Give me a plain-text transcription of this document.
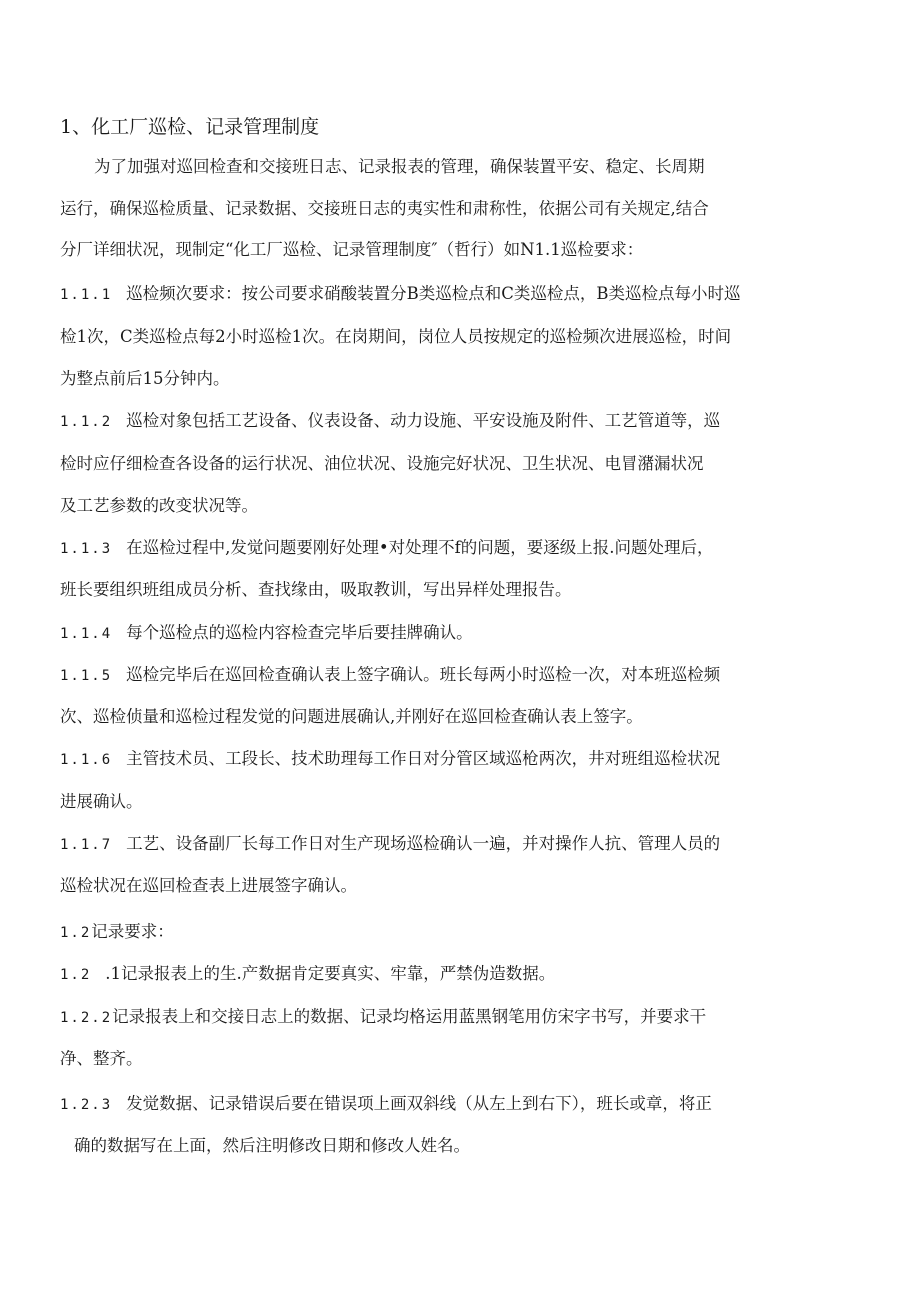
1、化工厂巡检、记录管理制度
为了加强对巡回检查和交接班日志、记录报表的管理，确保装置平安、稳定、长周期
运行，确保巡检质量、记录数据、交接班日志的夷实性和肃称性，依据公司有关规定,结合
分厂详细状况，现制定“化工厂巡检、记录管理制度″（哲行）如N1.1巡检要求：
1.1.1 巡检频次要求：按公司要求硝酸装置分B类巡检点和C类巡检点，B类巡检点每小时巡
检1次，C类巡检点每2小时巡检1次。在岗期间，岗位人员按规定的巡检频次进展巡检，时间
为整点前后15分钟内。
1.1.2 巡检对象包括工艺设备、仪表设备、动力设施、平安设施及附件、工艺管道等，巡
检时应仔细检查各设备的运行状况、油位状况、设施完好状况、卫生状况、电冒潴漏状况
及工艺参数的改变状况等。
1.1.3 在巡检过程中,发觉问题要刚好处理•对处理不f的问题，要逐级上报.问题处理后，
班长要组织班组成员分析、查找缘由，吸取教训，写出异样处理报告。
1.1.4 每个巡检点的巡检内容检查完毕后要挂牌确认。
1.1.5 巡检完毕后在巡回检查确认表上签字确认。班长每两小时巡检一次，对本班巡检频
次、巡检侦量和巡检过程发觉的问题进展确认,并刚好在巡回检查确认表上签字。
1.1.6 主管技术员、工段长、技术助理每工作日对分管区域巡枪两次，井对班组巡检状况
进展确认。
1.1.7 工艺、设备副厂长每工作日对生产现场巡检确认一遍，并对操作人抗、管理人员的
巡检状况在巡回检查表上进展签字确认。
1.2记录要求：
1.2 .1记录报表上的生.产数据肯定要真实、牢靠，严禁伪造数据。
1.2.2记录报表上和交接日志上的数据、记录均格运用蓝黑钢笔用仿宋字书写，并要求干
净、整齐。
1.2.3 发觉数据、记录错误后要在错误项上画双斜线（从左上到右下），班长或章，将正
确的数据写在上面，然后注明修改日期和修改人姓名。
